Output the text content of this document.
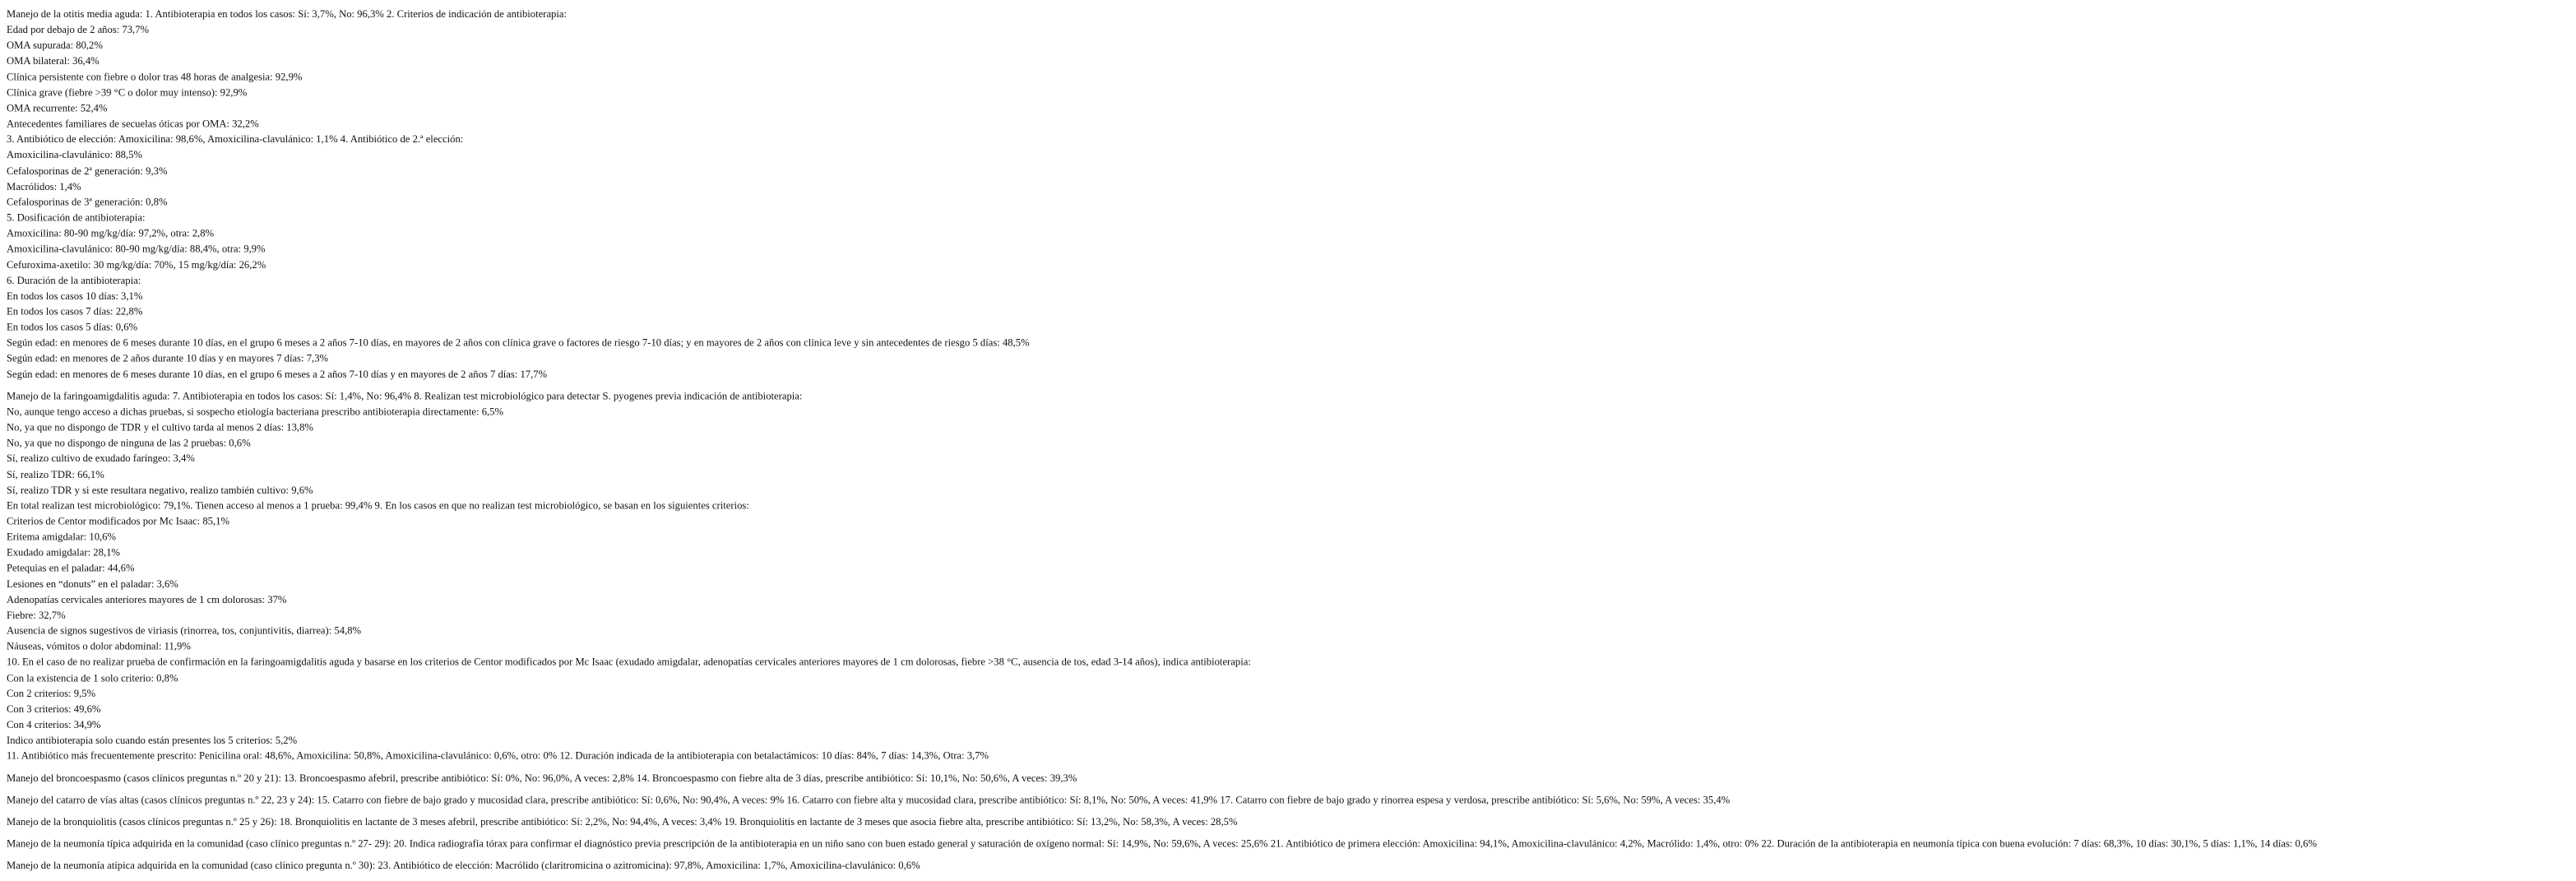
Manejo de la otitis media aguda: 1. Antibioterapia en todos los casos: Sí: 3,7%, No: 96,3% 2. Criterios de indicación de antibioterapia:
Edad por debajo de 2 años: 73,7%
OMA supurada: 80,2%
OMA bilateral: 36,4%
Clínica persistente con fiebre o dolor tras 48 horas de analgesia: 92,9%
Clínica grave (fiebre >39 °C o dolor muy intenso): 92,9%
OMA recurrente: 52,4%
Antecedentes familiares de secuelas óticas por OMA: 32,2%
3. Antibiótico de elección: Amoxicilina: 98,6%, Amoxicilina-clavulánico: 1,1% 4. Antibiótico de 2.ª elección:
Amoxicilina-clavulánico: 88,5%
Cefalosporinas de 2ª generación: 9,3%
Macrólidos: 1,4%
Cefalosporinas de 3ª generación: 0,8%
5. Dosificación de antibioterapia:
Amoxicilina: 80-90 mg/kg/día: 97,2%, otra: 2,8%
Amoxicilina-clavulánico: 80-90 mg/kg/día: 88,4%, otra: 9,9%
Cefuroxima-axetilo: 30 mg/kg/día: 70%, 15 mg/kg/día: 26,2%
6. Duración de la antibioterapia:
En todos los casos 10 días: 3,1%
En todos los casos 7 días: 22,8%
En todos los casos 5 días: 0,6%
Según edad: en menores de 6 meses durante 10 días, en el grupo 6 meses a 2 años 7-10 días, en mayores de 2 años con clínica grave o factores de riesgo 7-10 días; y en mayores de 2 años con clínica leve y sin antecedentes de riesgo 5 días: 48,5%
Según edad: en menores de 2 años durante 10 días y en mayores 7 días: 7,3%
Según edad: en menores de 6 meses durante 10 días, en el grupo 6 meses a 2 años 7-10 días y en mayores de 2 años 7 días: 17,7%
Manejo de la faringoamigdalitis aguda: 7. Antibioterapia en todos los casos: Sí: 1,4%, No: 96,4% 8. Realizan test microbiológico para detectar S. pyogenes previa indicación de antibioterapia:
No, aunque tengo acceso a dichas pruebas, si sospecho etiología bacteriana prescribo antibioterapia directamente: 6,5%
No, ya que no dispongo de TDR y el cultivo tarda al menos 2 días: 13,8%
No, ya que no dispongo de ninguna de las 2 pruebas: 0,6%
Sí, realizo cultivo de exudado faríngeo: 3,4%
Sí, realizo TDR: 66,1%
Sí, realizo TDR y si este resultara negativo, realizo también cultivo: 9,6%
En total realizan test microbiológico: 79,1%. Tienen acceso al menos a 1 prueba: 99,4% 9. En los casos en que no realizan test microbiológico, se basan en los siguientes criterios:
Criterios de Centor modificados por Mc Isaac: 85,1%
Eritema amigdalar: 10,6%
Exudado amigdalar: 28,1%
Petequias en el paladar: 44,6%
Lesiones en “donuts” en el paladar: 3,6%
Adenopatías cervicales anteriores mayores de 1 cm dolorosas: 37%
Fiebre: 32,7%
Ausencia de signos sugestivos de viriasis (rinorrea, tos, conjuntivitis, diarrea): 54,8%
Náuseas, vómitos o dolor abdominal: 11,9%
10. En el caso de no realizar prueba de confirmación en la faringoamigdalitis aguda y basarse en los criterios de Centor modificados por Mc Isaac (exudado amigdalar, adenopatías cervicales anteriores mayores de 1 cm dolorosas, fiebre >38 °C, ausencia de tos, edad 3-14 años), indica antibioterapia:
Con la existencia de 1 solo criterio: 0,8%
Con 2 criterios: 9,5%
Con 3 criterios: 49,6%
Con 4 criterios: 34,9%
Indico antibioterapia solo cuando están presentes los 5 criterios: 5,2%
11. Antibiótico más frecuentemente prescrito: Penicilina oral: 48,6%, Amoxicilina: 50,8%, Amoxicilina-clavulánico: 0,6%, otro: 0% 12. Duración indicada de la antibioterapia con betalactámicos: 10 días: 84%, 7 días: 14,3%, Otra: 3,7%
Manejo del broncoespasmo (casos clínicos preguntas n.º 20 y 21): 13. Broncoespasmo afebril, prescribe antibiótico: Sí: 0%, No: 96,0%, A veces: 2,8% 14. Broncoespasmo con fiebre alta de 3 días, prescribe antibiótico: Sí: 10,1%, No: 50,6%, A veces: 39,3%
Manejo del catarro de vías altas (casos clínicos preguntas n.º 22, 23 y 24): 15. Catarro con fiebre de bajo grado y mucosidad clara, prescribe antibiótico: Sí: 0,6%, No: 90,4%, A veces: 9% 16. Catarro con fiebre alta y mucosidad clara, prescribe antibiótico: Sí: 8,1%, No: 50%, A veces: 41,9% 17. Catarro con fiebre de bajo grado y rinorrea espesa y verdosa, prescribe antibiótico: Sí: 5,6%, No: 59%, A veces: 35,4%
Manejo de la bronquiolitis (casos clínicos preguntas n.º 25 y 26): 18. Bronquiolitis en lactante de 3 meses afebril, prescribe antibiótico: Sí: 2,2%, No: 94,4%, A veces: 3,4% 19. Bronquiolitis en lactante de 3 meses que asocia fiebre alta, prescribe antibiótico: Sí: 13,2%, No: 58,3%, A veces: 28,5%
Manejo de la neumonía típica adquirida en la comunidad (caso clínico preguntas n.º 27- 29): 20. Indica radiografía tórax para confirmar el diagnóstico previa prescripción de la antibioterapia en un niño sano con buen estado general y saturación de oxígeno normal: Sí: 14,9%, No: 59,6%, A veces: 25,6% 21. Antibiótico de primera elección: Amoxicilina: 94,1%, Amoxicilina-clavulánico: 4,2%, Macrólido: 1,4%, otro: 0% 22. Duración de la antibioterapia en neumonía típica con buena evolución: 7 días: 68,3%, 10 días: 30,1%, 5 días: 1,1%, 14 días: 0,6%
Manejo de la neumonía atípica adquirida en la comunidad (caso clínico pregunta n.º 30): 23. Antibiótico de elección: Macrólido (claritromicina o azitromicina): 97,8%, Amoxicilina: 1,7%, Amoxicilina-clavulánico: 0,6%
